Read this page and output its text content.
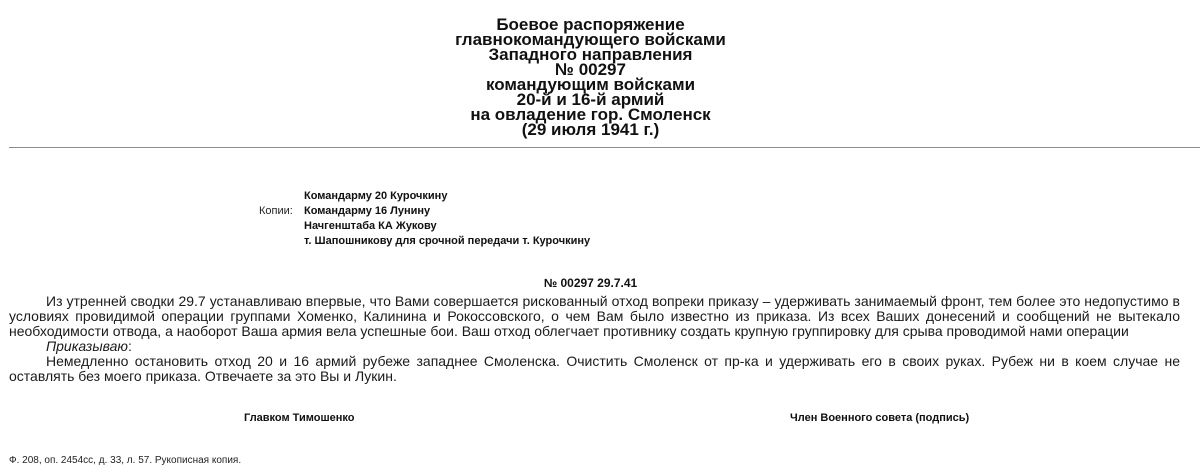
Боевое распоряжение
главнокомандующего войсками
Западного направления
№ 00297
командующим войсками
20-й и 16-й армий
на овладение гор. Смоленск
(29 июля 1941 г.)
Копии:
Командарму 20 Курочкину
Командарму 16 Лунину
Начгенштаба КА Жукову
т. Шапошникову для срочной передачи т. Курочкину
№ 00297 29.7.41

Из утренней сводки 29.7 устанавливаю впервые, что Вами совершается рискованный отход вопреки приказу – удерживать занимаемый фронт, тем более это недопустимо в условиях провидимой операции группами Хоменко, Калинина и Рокоссовского, о чем Вам было известно из приказа. Из всех Ваших донесений и сообщений не вытекало необходимости отвода, а наоборот Ваша армия вела успешные бои. Ваш отход облегчает противнику создать крупную группировку для срыва проводимой нами операции

Приказываю:

Немедленно остановить отход 20 и 16 армий рубеже западнее Смоленска. Очистить Смоленск от пр-ка и удерживать его в своих руках. Рубеж ни в коем случае не оставлять без моего приказа. Отвечаете за это Вы и Лукин.

Главком Тимошенко	Член Военного совета (подпись)
Ф. 208, оп. 2454сс, д. 33, л. 57. Рукописная копия.
